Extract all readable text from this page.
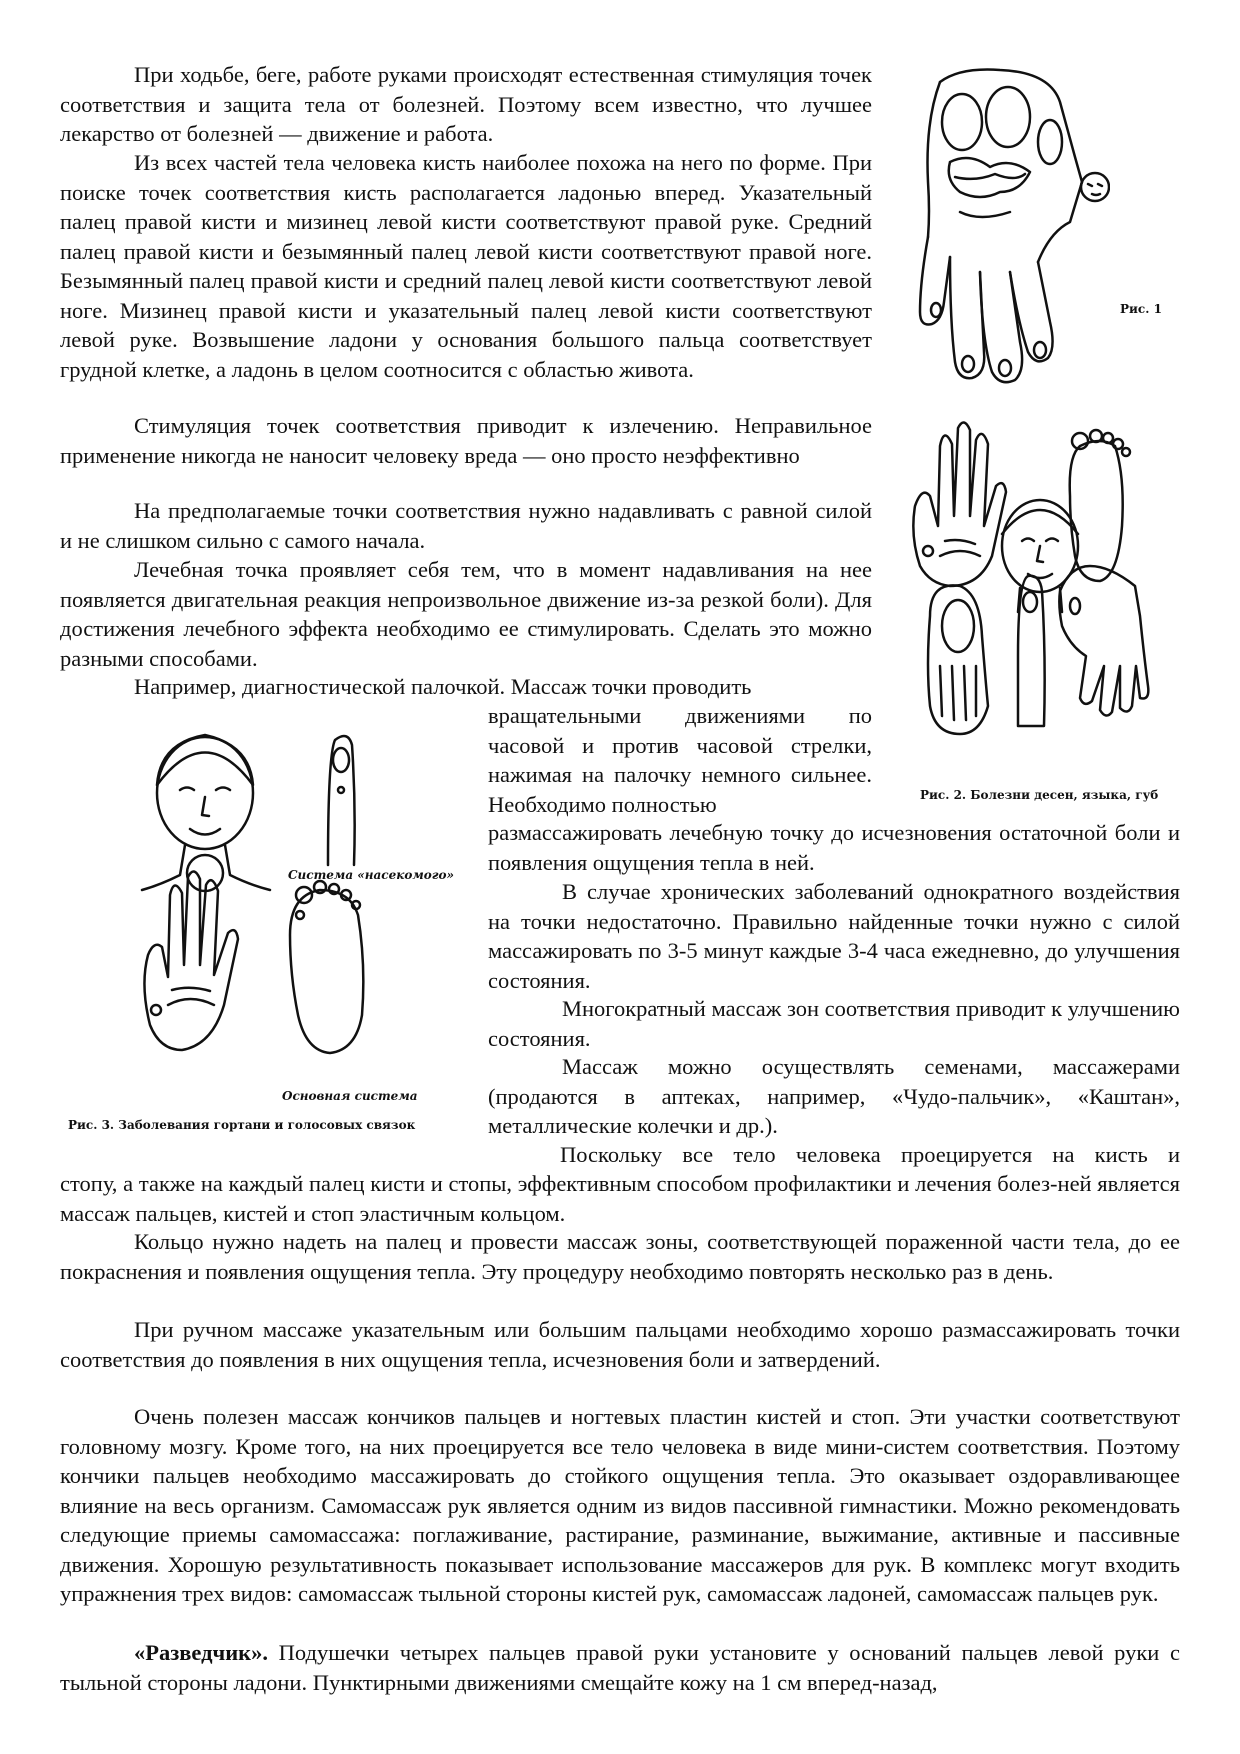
При ходьбе, беге, работе руками происходят естественная стимуляция точек соответствия и защита тела от болезней. Поэтому всем известно, что лучшее лекарство от болезней — движение и работа.

Из всех частей тела человека кисть наиболее похожа на него по форме. При поиске точек соответствия кисть располагается ладонью вперед. Указательный палец правой кисти и мизинец левой кисти соответствуют правой руке. Средний палец правой кисти и безымянный палец левой кисти соответствуют правой ноге. Безымянный палец правой кисти и средний палец левой кисти соответствуют левой ноге. Мизинец правой кисти и указательный палец левой кисти соответствуют левой руке. Возвышение ладони у основания большого пальца соответствует грудной клетке, а ладонь в целом соотносится с областью живота.

Стимуляция точек соответствия приводит к излечению. Неправильное применение никогда не наносит человеку вреда — оно просто неэффективно

На предполагаемые точки соответствия нужно надавливать с равной силой и не слишком сильно с самого начала.

Лечебная точка проявляет себя тем, что в момент надавливания на нее появляется двигательная реакция непроизвольное движение из-за резкой боли). Для достижения лечебного эффекта необходимо ее стимулировать. Сделать это можно разными способами.

Например, диагностической палочкой. Массаж точки проводить

вращательными движениями по часовой и против часовой стрелки, нажимая на палочку немного сильнее. Необходимо полностью

размассажировать лечебную точку до исчезновения остаточной боли и появления ощущения тепла в ней.

В случае хронических заболеваний однократного воздействия на точки недостаточно. Правильно найденные точки нужно с силой массажировать по 3-5 минут каждые 3-4 часа ежедневно, до улучшения состояния.

Многократный массаж зон соответствия приводит к улучшению состояния.

Массаж можно осуществлять семенами, массажерами (продаются в аптеках, например, «Чудо-пальчик», «Каштан», металлические колечки и др.).

Поскольку все тело человека проецируется на кисть и

стопу, а также на каждый палец кисти и стопы, эффективным способом профилактики и лечения болез-ней является массаж пальцев, кистей и стоп эластичным кольцом.

Кольцо нужно надеть на палец и провести массаж зоны, соответствующей пораженной части тела, до ее покраснения и появления ощущения тепла. Эту процедуру необходимо повторять несколько раз в день.

При ручном массаже указательным или большим пальцами необходимо хорошо размассажировать точки соответствия до появления в них ощущения тепла, исчезновения боли и затвердений.

Очень полезен массаж кончиков пальцев и ногтевых пластин кистей и стоп. Эти участки соответствуют головному мозгу. Кроме того, на них проецируется все тело человека в виде мини-систем соответствия. Поэтому кончики пальцев необходимо массажировать до стойкого ощущения тепла. Это оказывает оздоравливающее влияние на весь организм. Самомассаж рук является одним из видов пассивной гимнастики. Можно рекомендовать следующие приемы самомассажа: поглаживание, растирание, разминание, выжимание, активные и пассивные движения. Хорошую результативность показывает использование массажеров для рук. В комплекс могут входить упражнения трех видов: самомассаж тыльной стороны кистей рук, самомассаж ладоней, самомассаж пальцев рук.

«Разведчик». Подушечки четырех пальцев правой руки установите у оснований пальцев левой руки с тыльной стороны ладони. Пунктирными движениями смещайте кожу на 1 см вперед-назад,

Рис. 1
Рис. 2. Болезни десен, языка, губ
Система «насекомого»
Основная система
Рис. 3. Заболевания гортани и голосовых связок
